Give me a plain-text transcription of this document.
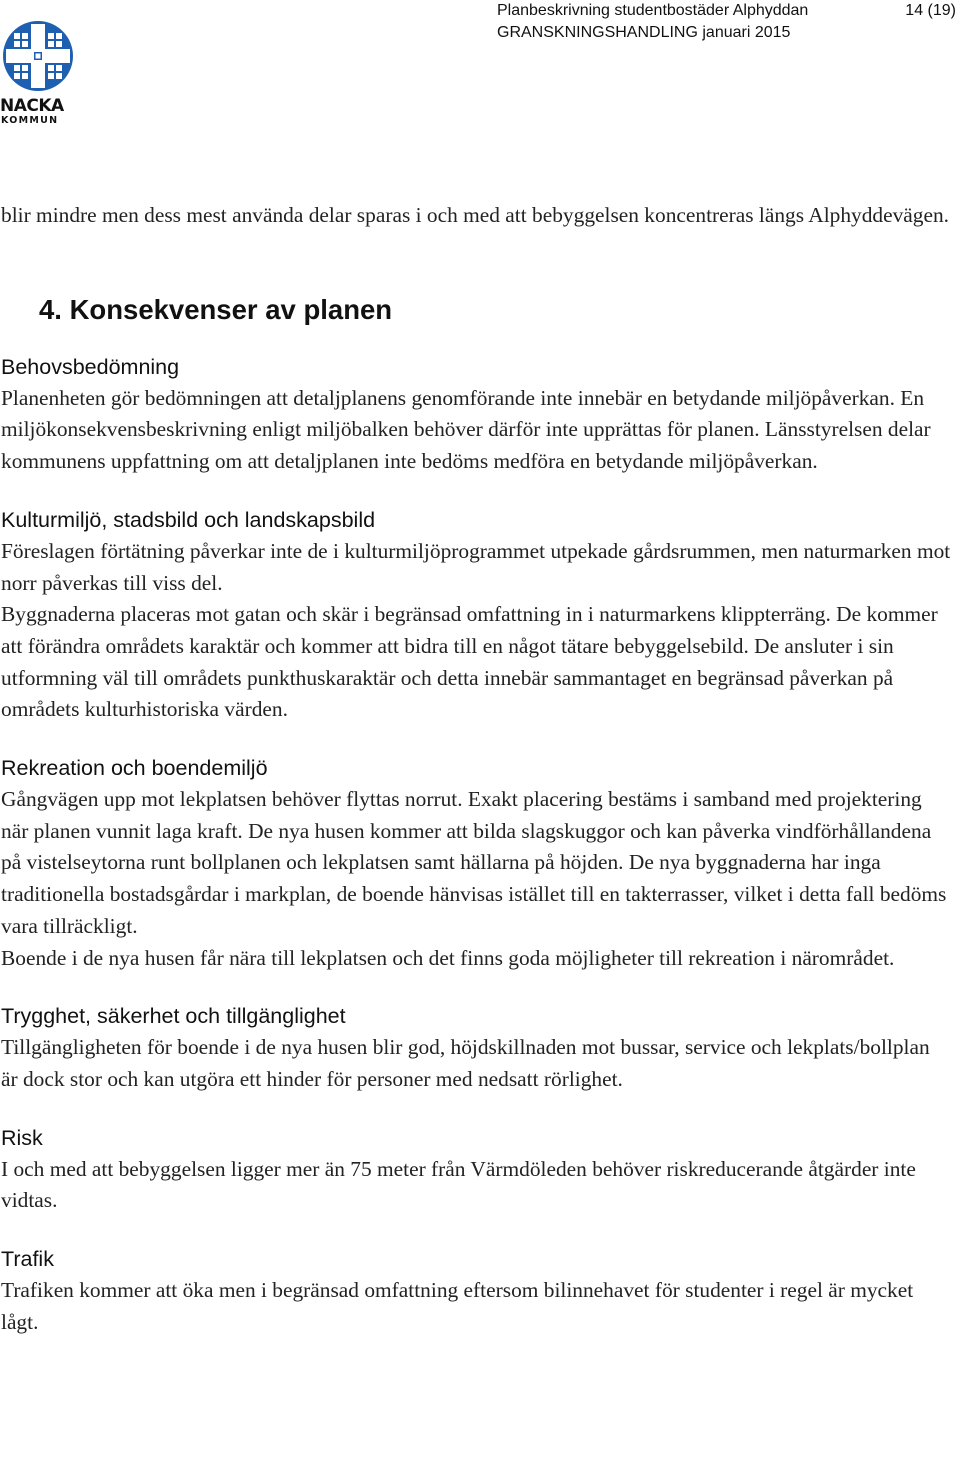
NACKA
KOMMUN
Planbeskrivning studentbostäder Alphyddan
GRANSKNINGSHANDLING januari 2015
14 (19)

blir mindre men dess mest använda delar sparas i och med att bebyggelsen koncentreras längs Alphyddevägen.

4. Konsekvenser av planen
Behovsbedömning

Planenheten gör bedömningen att detaljplanens genomförande inte innebär en betydande miljöpåverkan. En miljökonsekvensbeskrivning enligt miljöbalken behöver därför inte upprättas för planen. Länsstyrelsen delar kommunens uppfattning om att detaljplanen inte bedöms medföra en betydande miljöpåverkan.

Kulturmiljö, stadsbild och landskapsbild

Föreslagen förtätning påverkar inte de i kulturmiljöprogrammet utpekade gårdsrummen, men naturmarken mot norr påverkas till viss del.

Byggnaderna placeras mot gatan och skär i begränsad omfattning in i naturmarkens klippterräng. De kommer att förändra områdets karaktär och kommer att bidra till en något tätare bebyggelsebild. De ansluter i sin utformning väl till områdets punkthuskaraktär och detta innebär sammantaget en begränsad påverkan på områdets kulturhistoriska värden.

Rekreation och boendemiljö

Gångvägen upp mot lekplatsen behöver flyttas norrut. Exakt placering bestäms i samband med projektering när planen vunnit laga kraft. De nya husen kommer att bilda slagskuggor och kan påverka vindförhållandena på vistelseytorna runt bollplanen och lekplatsen samt hällarna på höjden. De nya byggnaderna har inga traditionella bostadsgårdar i markplan, de boende hänvisas istället till en takterrasser, vilket i detta fall bedöms vara tillräckligt.

Boende i de nya husen får nära till lekplatsen och det finns goda möjligheter till rekreation i närområdet.

Trygghet, säkerhet och tillgänglighet

Tillgängligheten för boende i de nya husen blir god, höjdskillnaden mot bussar, service och lekplats/bollplan är dock stor och kan utgöra ett hinder för personer med nedsatt rörlighet.

Risk

I och med att bebyggelsen ligger mer än 75 meter från Värmdöleden behöver riskreducerande åtgärder inte vidtas.

Trafik

Trafiken kommer att öka men i begränsad omfattning eftersom bilinnehavet för studenter i regel är mycket lågt.
